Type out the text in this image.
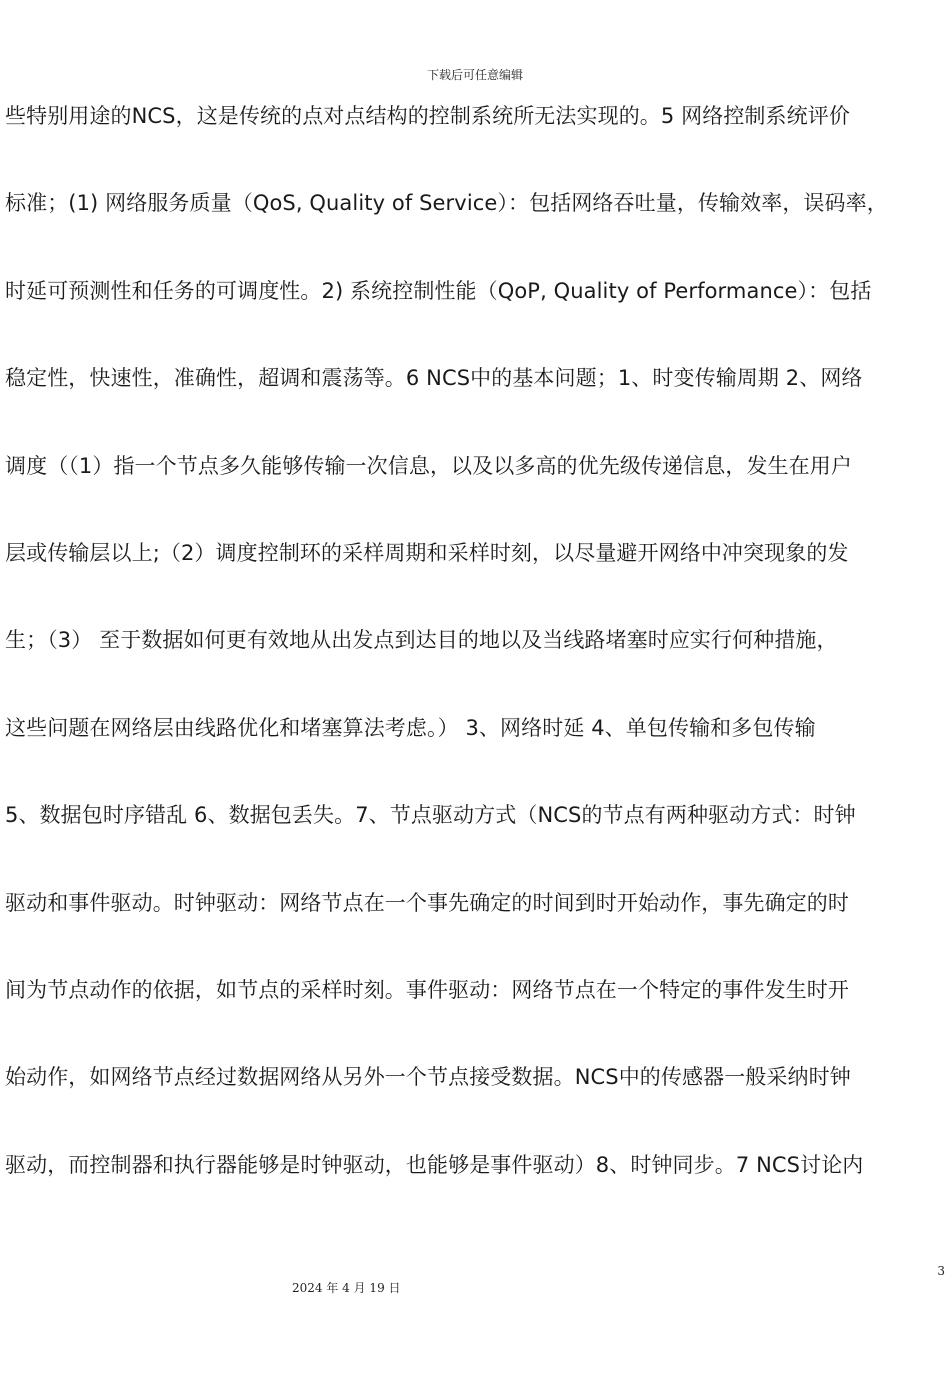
下载后可任意编辑
些特别用途的NCS，这是传统的点对点结构的控制系统所无法实现的。5 网络控制系统评价
标准；(1) 网络服务质量（QoS, Quality of Service）：包括网络吞吐量，传输效率，误码率，
时延可预测性和任务的可调度性。2) 系统控制性能（QoP, Quality of Performance）：包括
稳定性，快速性，准确性，超调和震荡等。6 NCS中的基本问题；1、时变传输周期 2、网络
调度（（1）指一个节点多久能够传输一次信息，以及以多高的优先级传递信息，发生在用户
层或传输层以上;（2）调度控制环的采样周期和采样时刻，以尽量避开网络中冲突现象的发
生；（3） 至于数据如何更有效地从出发点到达目的地以及当线路堵塞时应实行何种措施，
这些问题在网络层由线路优化和堵塞算法考虑。） 3、网络时延 4、单包传输和多包传输
5、数据包时序错乱 6、数据包丢失。7、节点驱动方式（NCS的节点有两种驱动方式：时钟
驱动和事件驱动。时钟驱动：网络节点在一个事先确定的时间到时开始动作，事先确定的时
间为节点动作的依据，如节点的采样时刻。事件驱动：网络节点在一个特定的事件发生时开
始动作，如网络节点经过数据网络从另外一个节点接受数据。NCS中的传感器一般采纳时钟
驱动，而控制器和执行器能够是时钟驱动，也能够是事件驱动）8、时钟同步。7 NCS讨论内
3
2024 年 4 月 19 日
